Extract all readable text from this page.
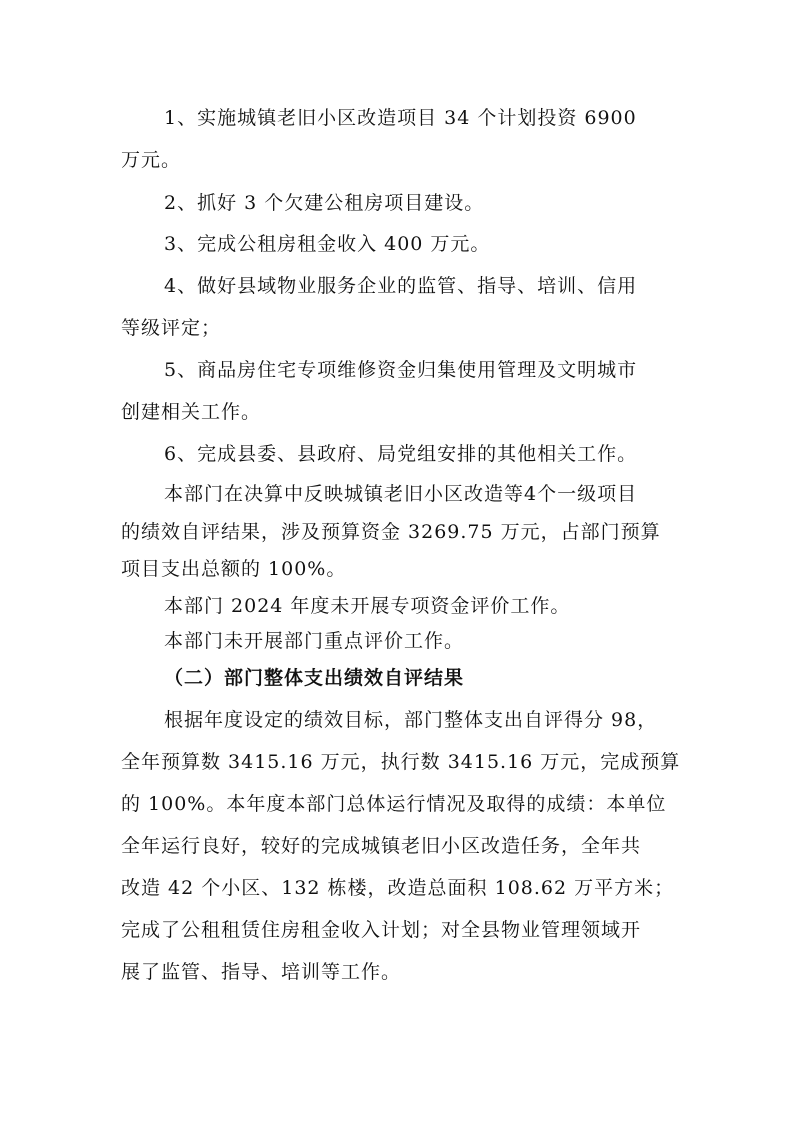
1、实施城镇老旧小区改造项目 34 个计划投资 6900
万元。
2、抓好 3 个欠建公租房项目建设。
3、完成公租房租金收入 400 万元。
4、做好县域物业服务企业的监管、指导、培训、信用
等级评定；
5、商品房住宅专项维修资金归集使用管理及文明城市
创建相关工作。
6、完成县委、县政府、局党组安排的其他相关工作。
本部门在决算中反映城镇老旧小区改造等4个一级项目
的绩效自评结果，涉及预算资金 3269.75 万元，占部门预算
项目支出总额的 100%。
本部门 2024 年度未开展专项资金评价工作。
本部门未开展部门重点评价工作。
（二）部门整体支出绩效自评结果
根据年度设定的绩效目标，部门整体支出自评得分 98，
全年预算数 3415.16 万元，执行数 3415.16 万元，完成预算
的 100%。本年度本部门总体运行情况及取得的成绩：本单位
全年运行良好，较好的完成城镇老旧小区改造任务，全年共
改造 42 个小区、132 栋楼，改造总面积 108.62 万平方米；
完成了公租租赁住房租金收入计划；对全县物业管理领域开
展了监管、指导、培训等工作。
